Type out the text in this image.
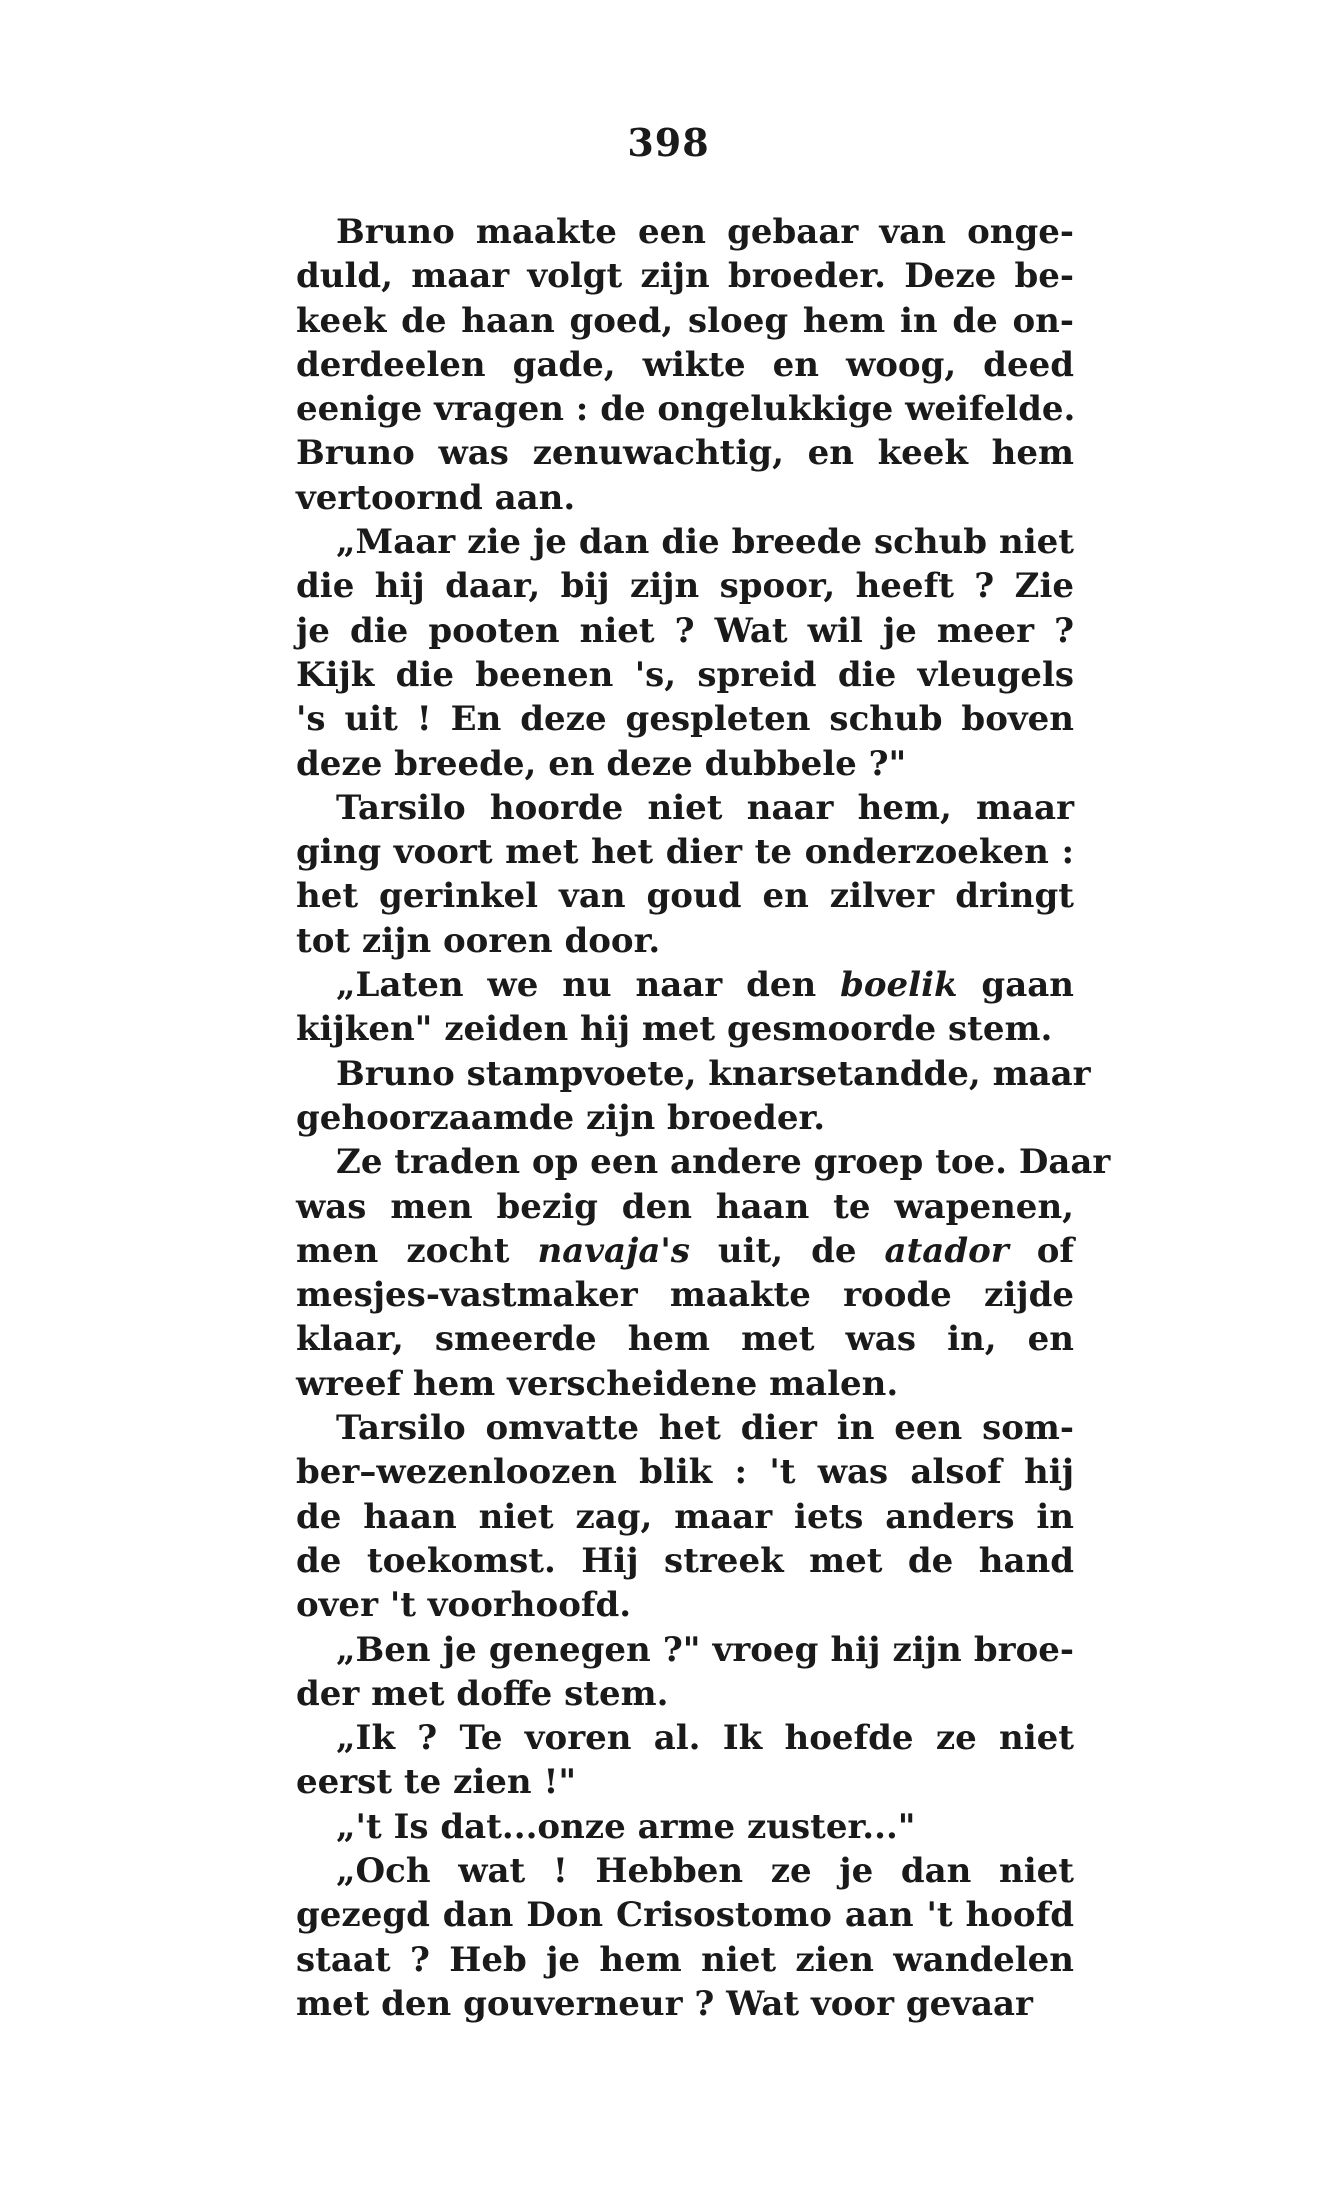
398

Bruno maakte een gebaar van onge-
duld, maar volgt zijn broeder. Deze be-
keek de haan goed, sloeg hem in de on-
derdeelen gade, wikte en woog, deed
eenige vragen : de ongelukkige weifelde.
Bruno was zenuwachtig, en keek hem
vertoornd aan.

„Maar zie je dan die breede schub niet
die hij daar, bij zijn spoor, heeft ? Zie
je die pooten niet ? Wat wil je meer ?
Kijk die beenen 's, spreid die vleugels
's uit ! En deze gespleten schub boven
deze breede, en deze dubbele ?"

Tarsilo hoorde niet naar hem, maar
ging voort met het dier te onderzoeken :
het gerinkel van goud en zilver dringt
tot zijn ooren door.

„Laten we nu naar den boelik gaan
kijken" zeiden hij met gesmoorde stem.

Bruno stampvoete, knarsetandde, maar
gehoorzaamde zijn broeder.

Ze traden op een andere groep toe. Daar
was men bezig den haan te wapenen,
men zocht navaja's uit, de atador of
mesjes-vastmaker maakte roode zijde
klaar, smeerde hem met was in, en
wreef hem verscheidene malen.

Tarsilo omvatte het dier in een som-
ber–wezenloozen blik : 't was alsof hij
de haan niet zag, maar iets anders in
de toekomst. Hij streek met de hand
over 't voorhoofd.

„Ben je genegen ?" vroeg hij zijn broe-
der met doffe stem.

„Ik ? Te voren al. Ik hoefde ze niet
eerst te zien !"

„'t Is dat...onze arme zuster..."

„Och wat ! Hebben ze je dan niet
gezegd dan Don Crisostomo aan 't hoofd
staat ? Heb je hem niet zien wandelen
met den gouverneur ? Wat voor gevaar
